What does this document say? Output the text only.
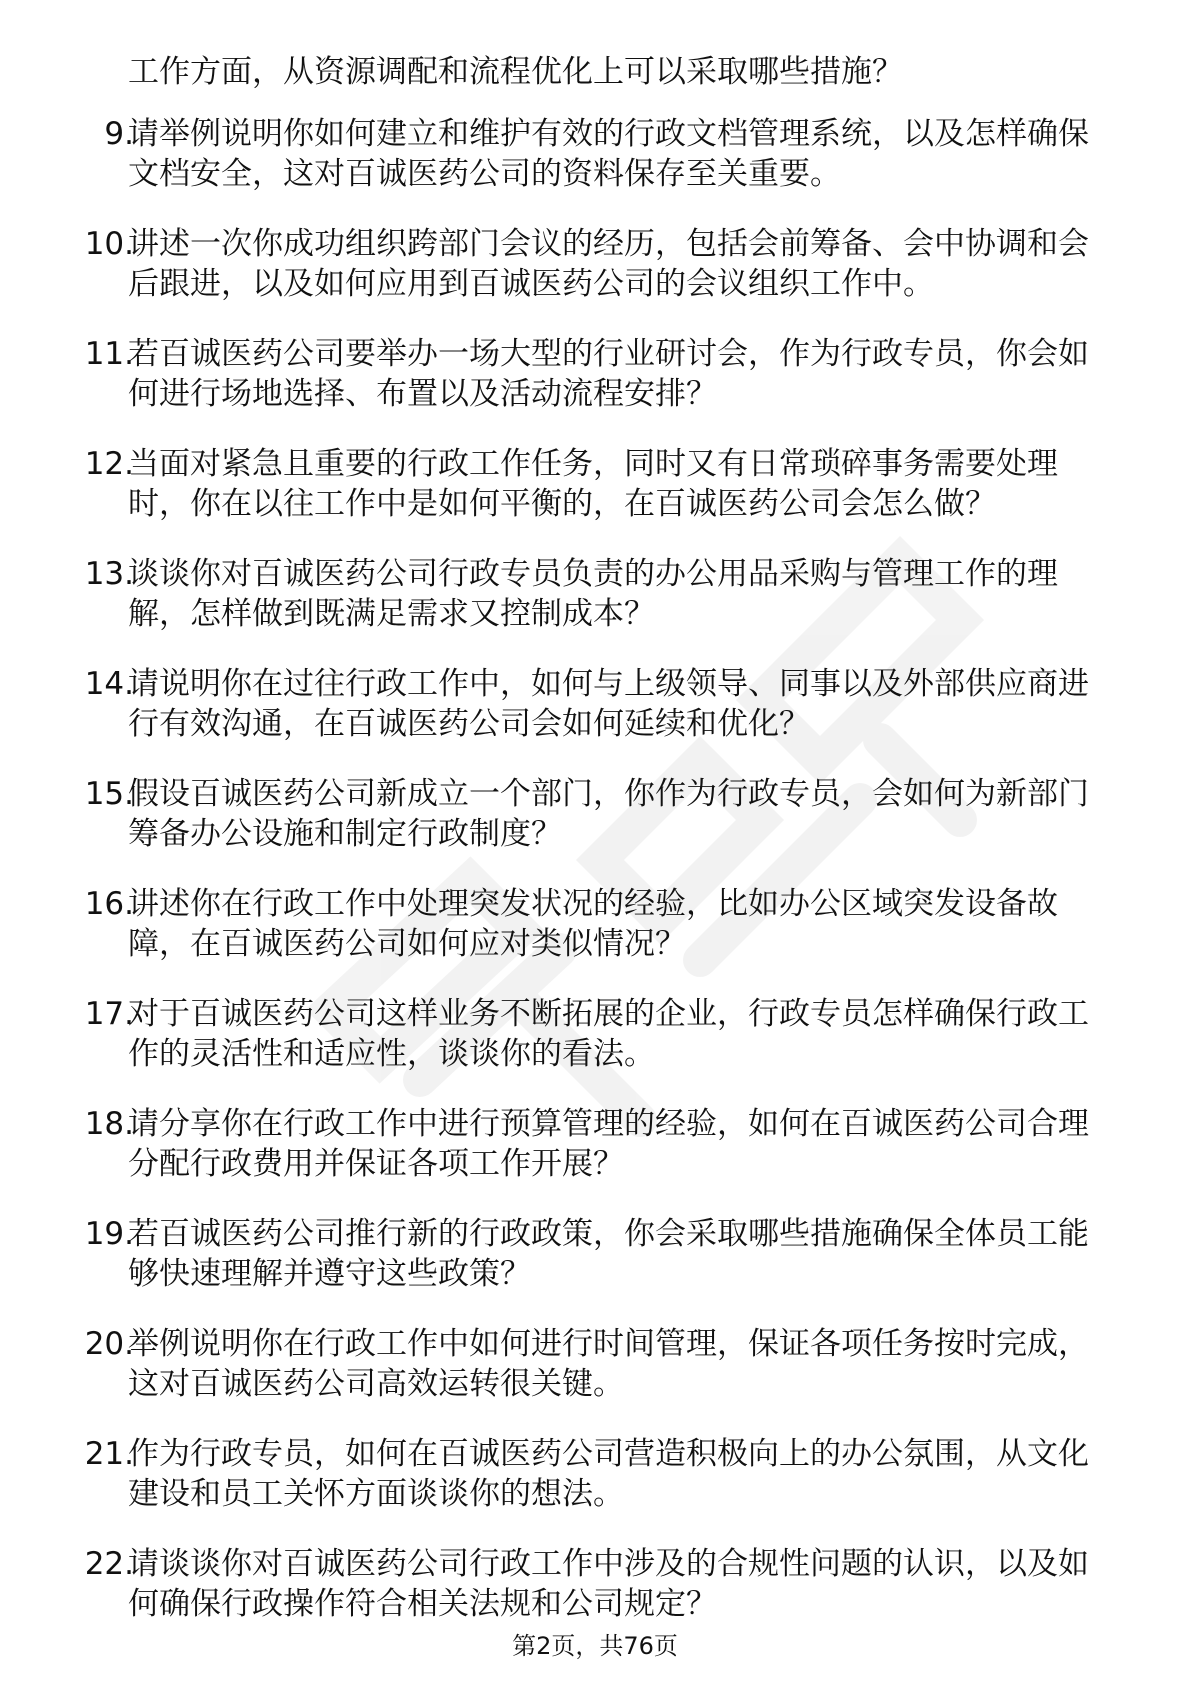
工作方面，从资源调配和流程优化上可以采取哪些措施？

9.

请举例说明你如何建立和维护有效的行政文档管理系统，以及怎样确保文档安全，这对百诚医药公司的资料保存至关重要。

10.

讲述一次你成功组织跨部门会议的经历，包括会前筹备、会中协调和会后跟进，以及如何应用到百诚医药公司的会议组织工作中。

11.

若百诚医药公司要举办一场大型的行业研讨会，作为行政专员，你会如何进行场地选择、布置以及活动流程安排？

12.

当面对紧急且重要的行政工作任务，同时又有日常琐碎事务需要处理时，你在以往工作中是如何平衡的，在百诚医药公司会怎么做？

13.

谈谈你对百诚医药公司行政专员负责的办公用品采购与管理工作的理解，怎样做到既满足需求又控制成本？

14.

请说明你在过往行政工作中，如何与上级领导、同事以及外部供应商进行有效沟通，在百诚医药公司会如何延续和优化？

15.

假设百诚医药公司新成立一个部门，你作为行政专员，会如何为新部门筹备办公设施和制定行政制度？

16.

讲述你在行政工作中处理突发状况的经验，比如办公区域突发设备故障，在百诚医药公司如何应对类似情况？

17.

对于百诚医药公司这样业务不断拓展的企业，行政专员怎样确保行政工作的灵活性和适应性，谈谈你的看法。

18.

请分享你在行政工作中进行预算管理的经验，如何在百诚医药公司合理分配行政费用并保证各项工作开展？

19.

若百诚医药公司推行新的行政政策，你会采取哪些措施确保全体员工能够快速理解并遵守这些政策？

20.

举例说明你在行政工作中如何进行时间管理，保证各项任务按时完成，这对百诚医药公司高效运转很关键。

21.

作为行政专员，如何在百诚医药公司营造积极向上的办公氛围，从文化建设和员工关怀方面谈谈你的想法。

22.

请谈谈你对百诚医药公司行政工作中涉及的合规性问题的认识，以及如何确保行政操作符合相关法规和公司规定？

第2页，共76页
